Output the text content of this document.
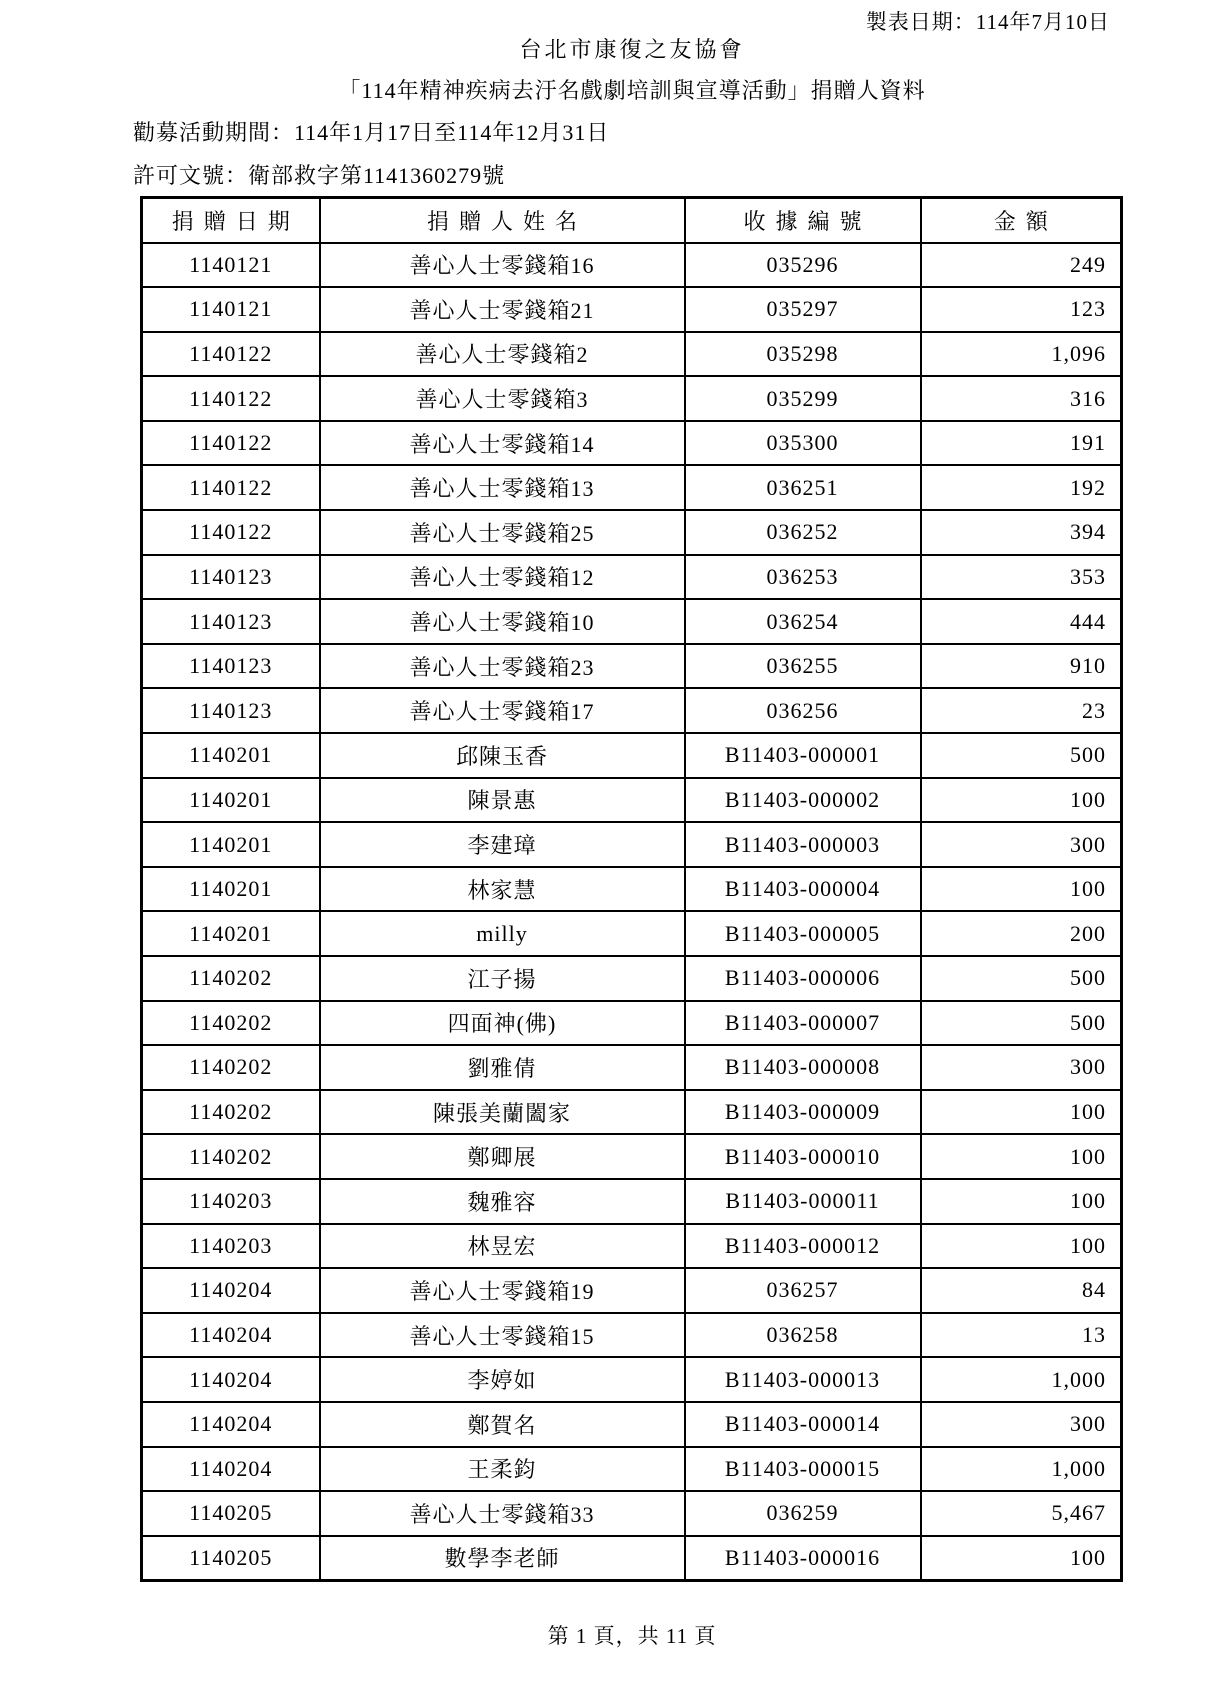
製表日期：114年7月10日
台北市康復之友協會
「114年精神疾病去汙名戲劇培訓與宣導活動」捐贈人資料
勸募活動期間：114年1月17日至114年12月31日
許可文號：衛部救字第1141360279號
捐贈日期	捐贈人姓名	收據編號	金額
1140121	善心人士零錢箱16	035296	249
1140121	善心人士零錢箱21	035297	123
1140122	善心人士零錢箱2	035298	1,096
1140122	善心人士零錢箱3	035299	316
1140122	善心人士零錢箱14	035300	191
1140122	善心人士零錢箱13	036251	192
1140122	善心人士零錢箱25	036252	394
1140123	善心人士零錢箱12	036253	353
1140123	善心人士零錢箱10	036254	444
1140123	善心人士零錢箱23	036255	910
1140123	善心人士零錢箱17	036256	23
1140201	邱陳玉香	B11403-000001	500
1140201	陳景惠	B11403-000002	100
1140201	李建璋	B11403-000003	300
1140201	林家慧	B11403-000004	100
1140201	milly	B11403-000005	200
1140202	江子揚	B11403-000006	500
1140202	四面神(佛)	B11403-000007	500
1140202	劉雅倩	B11403-000008	300
1140202	陳張美蘭闔家	B11403-000009	100
1140202	鄭卿展	B11403-000010	100
1140203	魏雅容	B11403-000011	100
1140203	林昱宏	B11403-000012	100
1140204	善心人士零錢箱19	036257	84
1140204	善心人士零錢箱15	036258	13
1140204	李婷如	B11403-000013	1,000
1140204	鄭賀名	B11403-000014	300
1140204	王柔鈞	B11403-000015	1,000
1140205	善心人士零錢箱33	036259	5,467
1140205	數學李老師	B11403-000016	100
第 1 頁，共 11 頁
